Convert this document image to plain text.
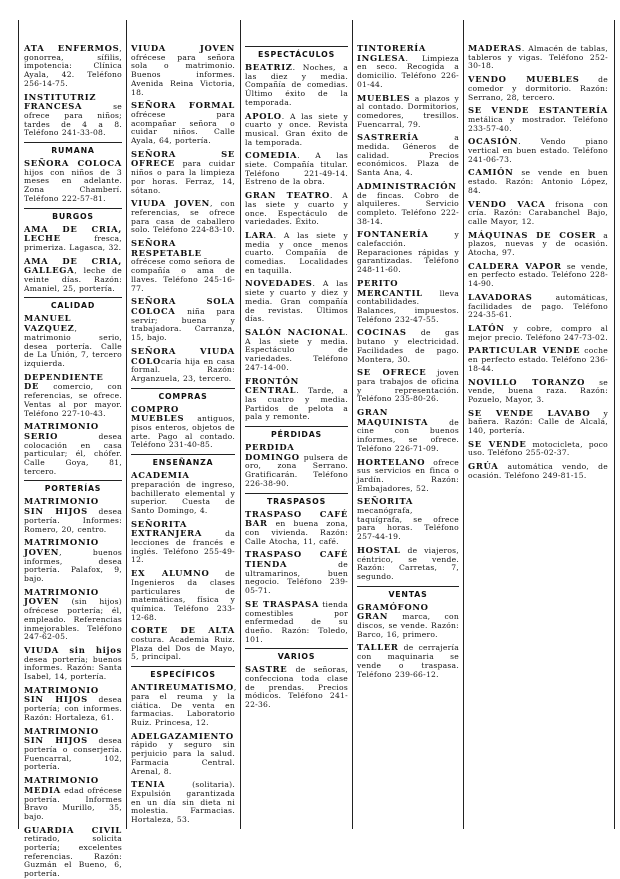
ATA ENFERMOS, gonorrea, sífilis, impotencia: Clínica Ayala, 42. Teléfono 256-14-75.
INSTITUTRIZ FRANCESA se ofrece para niños; tardes de 4 a 8. Teléfono 241-33-08.
RUMANA
SEÑORA COLOCA hijos con niños de 3 meses en adelante. Zona Chamberí. Teléfono 222-57-81.
BURGOS
AMA DE CRIA, LECHE fresca, primeriza. Lagasca, 32.
AMA DE CRIA, GALLEGA, leche de veinte días. Razón: Amaniel, 25, portería.
CALIDAD
MANUEL VAZQUEZ, matrimonio serio, desea portería. Calle de La Unión, 7, tercero izquierda.
DEPENDIENTE DE comercio, con referencias, se ofrece. Ventas al por mayor. Teléfono 227-10-43.
MATRIMONIO SERIO desea colocación en casa particular; él, chófer. Calle Goya, 81, tercero.
PORTERÍAS
MATRIMONIO SIN HIJOS desea portería. Informes: Romero, 20, centro.
MATRIMONIO JOVEN, buenos informes, desea portería. Palafox, 9, bajo.
MATRIMONIO JOVEN (sin hijos) ofrécese portería; él, empleado. Referencias inmejorables. Teléfono 247-62-05.
VIUDA sin hijos desea portería; buenos informes. Razón: Santa Isabel, 14, portería.
MATRIMONIO SIN HIJOS desea portería; con informes. Razón: Hortaleza, 61.
MATRIMONIO SIN HIJOS desea portería o conserjería. Fuencarral, 102, portería.
MATRIMONIO MEDIA edad ofrécese portería. Informes Bravo Murillo, 35, bajo.
GUARDIA CIVIL retirado, solicita portería; excelentes referencias. Razón: Guzmán el Bueno, 6, portería.
VIUDA JOVEN ofrécese para señora sola o matrimonio. Buenos informes. Avenida Reina Victoria, 18.
SEÑORA FORMAL ofrécese para acompañar señora o cuidar niños. Calle Ayala, 64, portería.
SEÑORA SE OFRECE para cuidar niños o para la limpieza por horas. Ferraz, 14, sótano.
VIUDA JOVEN, con referencias, se ofrece para casa de caballero solo. Teléfono 224-83-10.
SEÑORA RESPETABLE ofrécese como señora de compañía o ama de llaves. Teléfono 245-16-77.
SEÑORA SOLA COLOCA niña para servir; buena y trabajadora. Carranza, 15, bajo.
SEÑORA VIUDA COLOcaría hija en casa formal. Razón: Arganzuela, 23, tercero.
COMPRAS
COMPRO MUEBLES antiguos, pisos enteros, objetos de arte. Pago al contado. Teléfono 231-40-85.
ENSEÑANZA
ACADEMIA preparación de ingreso, bachillerato elemental y superior. Cuesta de Santo Domingo, 4.
SEÑORITA EXTRANJERA da lecciones de francés e inglés. Teléfono 255-49-12.
EX ALUMNO de Ingenieros da clases particulares de matemáticas, física y química. Teléfono 233-12-68.
CORTE DE ALTA costura. Academia Ruiz. Plaza del Dos de Mayo, 5, principal.
ESPECÍFICOS
ANTIREUMATISMO, para el reuma y la ciática. De venta en farmacias. Laboratorio Ruiz. Princesa, 12.
ADELGAZAMIENTO rápido y seguro sin perjuicio para la salud. Farmacia Central. Arenal, 8.
TENIA (solitaria). Expulsión garantizada en un día sin dieta ni molestia. Farmacias. Hortaleza, 53.
ESPECTÁCULOS
BEATRIZ. Noches, a las diez y media. Compañía de comedias. Último éxito de la temporada.
APOLO. A las siete y cuarto y once. Revista musical. Gran éxito de la temporada.
COMEDIA. A las siete. Compañía titular. Teléfono 221-49-14. Estreno de la obra.
GRAN TEATRO. A las siete y cuarto y once. Espectáculo de variedades. Éxito.
LARA. A las siete y media y once menos cuarto. Compañía de comedias. Localidades en taquilla.
NOVEDADES. A las siete y cuarto y diez y media. Gran compañía de revistas. Últimos días.
SALÓN NACIONAL. A las siete y media. Espectáculo de variedades. Teléfono 247-14-00.
FRONTÓN CENTRAL. Tarde, a las cuatro y media. Partidos de pelota a pala y remonte.
PÉRDIDAS
PERDIDA DOMINGO pulsera de oro, zona Serrano. Gratificarán. Teléfono 226-38-90.
TRASPASOS
TRASPASO CAFÉ BAR en buena zona, con vivienda. Razón: Calle Atocha, 11, café.
TRASPASO CAFÉ TIENDA de ultramarinos, buen negocio. Teléfono 239-05-71.
SE TRASPASA tienda comestibles por enfermedad de su dueño. Razón: Toledo, 101.
VARIOS
SASTRE de señoras, confecciona toda clase de prendas. Precios módicos. Teléfono 241-22-36.
TINTORERÍA INGLESA. Limpieza en seco. Recogida a domicilio. Teléfono 226-01-44.
MUEBLES a plazos y al contado. Dormitorios, comedores, tresillos. Fuencarral, 79.
SASTRERÍA a medida. Géneros de calidad. Precios económicos. Plaza de Santa Ana, 4.
ADMINISTRACIÓN de fincas. Cobro de alquileres. Servicio completo. Teléfono 222-38-14.
FONTANERÍA y calefacción. Reparaciones rápidas y garantizadas. Teléfono 248-11-60.
PERITO MERCANTIL lleva contabilidades. Balances, impuestos. Teléfono 232-47-55.
COCINAS de gas butano y electricidad. Facilidades de pago. Montera, 30.
SE OFRECE joven para trabajos de oficina y representación. Teléfono 235-80-26.
GRAN MAQUINISTA de cine con buenos informes, se ofrece. Teléfono 226-71-09.
HORTELANO ofrece sus servicios en finca o jardín. Razón: Embajadores, 52.
SEÑORITA mecanógrafa, taquígrafa, se ofrece para horas. Teléfono 257-44-19.
HOSTAL de viajeros, céntrico, se vende. Razón: Carretas, 7, segundo.
VENTAS
GRAMÓFONO GRAN marca, con discos, se vende. Razón: Barco, 16, primero.
TALLER de cerrajería con maquinaria se vende o traspasa. Teléfono 239-66-12.
MADERAS. Almacén de tablas, tableros y vigas. Teléfono 252-30-18.
VENDO MUEBLES de comedor y dormitorio. Razón: Serrano, 28, tercero.
SE VENDE ESTANTERÍA metálica y mostrador. Teléfono 233-57-40.
OCASIÓN. Vendo piano vertical en buen estado. Teléfono 241-06-73.
CAMIÓN se vende en buen estado. Razón: Antonio López, 84.
VENDO VACA frisona con cría. Razón: Carabanchel Bajo, calle Mayor, 12.
MÁQUINAS DE COSER a plazos, nuevas y de ocasión. Atocha, 97.
CALDERA VAPOR se vende, en perfecto estado. Teléfono 228-14-90.
LAVADORAS automáticas, facilidades de pago. Teléfono 224-35-61.
LATÓN y cobre, compro al mejor precio. Teléfono 247-73-02.
PARTICULAR VENDE coche en perfecto estado. Teléfono 236-18-44.
NOVILLO TORANZO se vende, buena raza. Razón: Pozuelo, Mayor, 3.
SE VENDE LAVABO y bañera. Razón: Calle de Alcalá, 140, portería.
SE VENDE motocicleta, poco uso. Teléfono 255-02-37.
GRÚA automática vendo, de ocasión. Teléfono 249-81-15.
